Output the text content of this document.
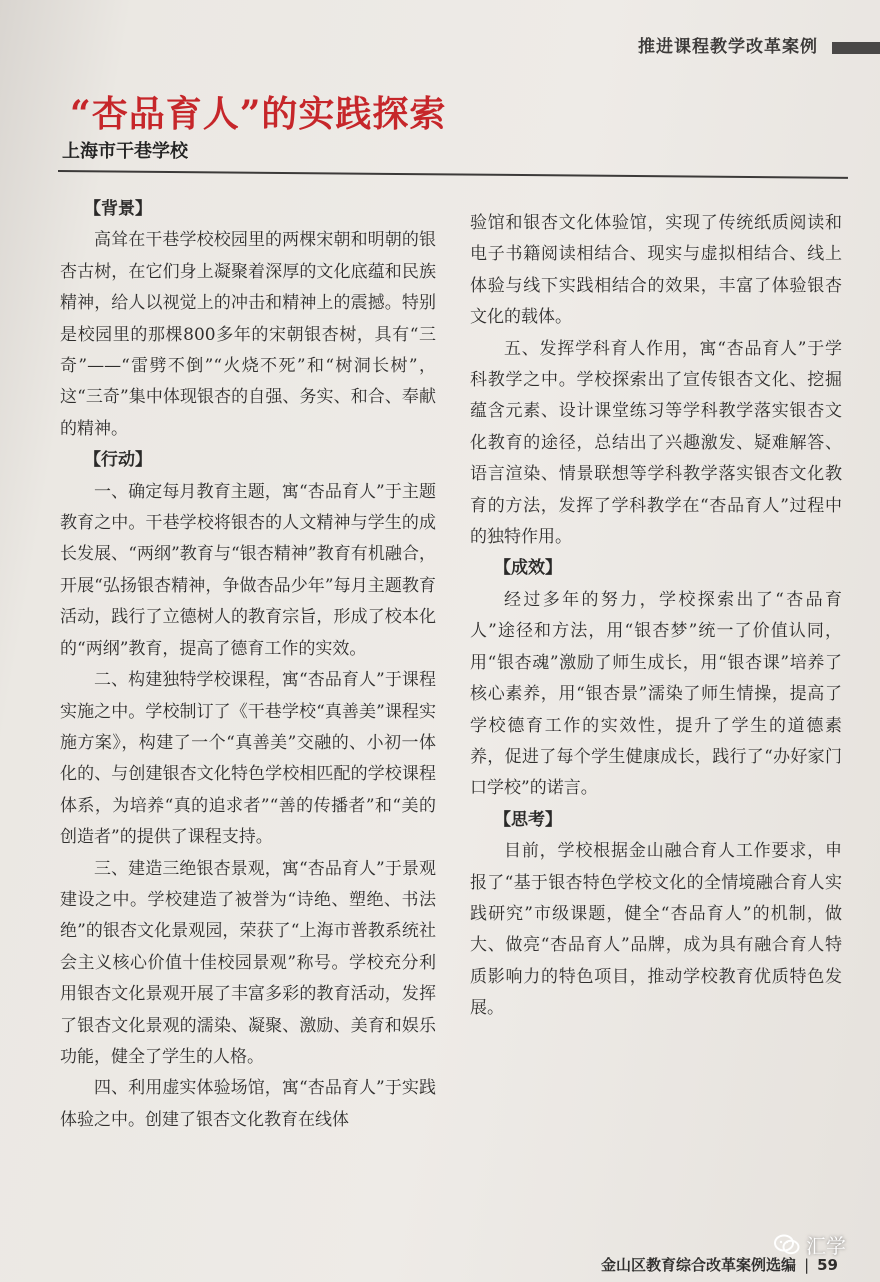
推进课程教学改革案例
“杏品育人”的实践探索
上海市干巷学校

【背景】

高耸在干巷学校校园里的两棵宋朝和明朝的银杏古树，在它们身上凝聚着深厚的文化底蕴和民族精神，给人以视觉上的冲击和精神上的震撼。特别是校园里的那棵800多年的宋朝银杏树，具有“三奇”——“雷劈不倒”“火烧不死”和“树洞长树”，这“三奇”集中体现银杏的自强、务实、和合、奉献的精神。

【行动】

一、确定每月教育主题，寓“杏品育人”于主题教育之中。干巷学校将银杏的人文精神与学生的成长发展、“两纲”教育与“银杏精神”教育有机融合，开展“弘扬银杏精神，争做杏品少年”每月主题教育活动，践行了立德树人的教育宗旨，形成了校本化的“两纲”教育，提高了德育工作的实效。

二、构建独特学校课程，寓“杏品育人”于课程实施之中。学校制订了《干巷学校“真善美”课程实施方案》，构建了一个“真善美”交融的、小初一体化的、与创建银杏文化特色学校相匹配的学校课程体系，为培养“真的追求者”“善的传播者”和“美的创造者”的提供了课程支持。

三、建造三绝银杏景观，寓“杏品育人”于景观建设之中。学校建造了被誉为“诗绝、塑绝、书法绝”的银杏文化景观园，荣获了“上海市普教系统社会主义核心价值十佳校园景观”称号。学校充分利用银杏文化景观开展了丰富多彩的教育活动，发挥了银杏文化景观的濡染、凝聚、激励、美育和娱乐功能，健全了学生的人格。

四、利用虚实体验场馆，寓“杏品育人”于实践体验之中。创建了银杏文化教育在线体

验馆和银杏文化体验馆，实现了传统纸质阅读和电子书籍阅读相结合、现实与虚拟相结合、线上体验与线下实践相结合的效果，丰富了体验银杏文化的载体。

五、发挥学科育人作用，寓“杏品育人”于学科教学之中。学校探索出了宣传银杏文化、挖掘蕴含元素、设计课堂练习等学科教学落实银杏文化教育的途径，总结出了兴趣激发、疑难解答、语言渲染、情景联想等学科教学落实银杏文化教育的方法，发挥了学科教学在“杏品育人”过程中的独特作用。

【成效】

经过多年的努力，学校探索出了“杏品育人”途径和方法，用“银杏梦”统一了价值认同，用“银杏魂”激励了师生成长，用“银杏课”培养了核心素养，用“银杏景”濡染了师生情操，提高了学校德育工作的实效性，提升了学生的道德素养，促进了每个学生健康成长，践行了“办好家门口学校”的诺言。

【思考】

目前，学校根据金山融合育人工作要求，申报了“基于银杏特色学校文化的全情境融合育人实践研究”市级课题，健全“杏品育人”的机制，做大、做亮“杏品育人”品牌，成为具有融合育人特质影响力的特色项目，推动学校教育优质特色发展。

汇学
金山区教育综合改革案例选编 | 59
